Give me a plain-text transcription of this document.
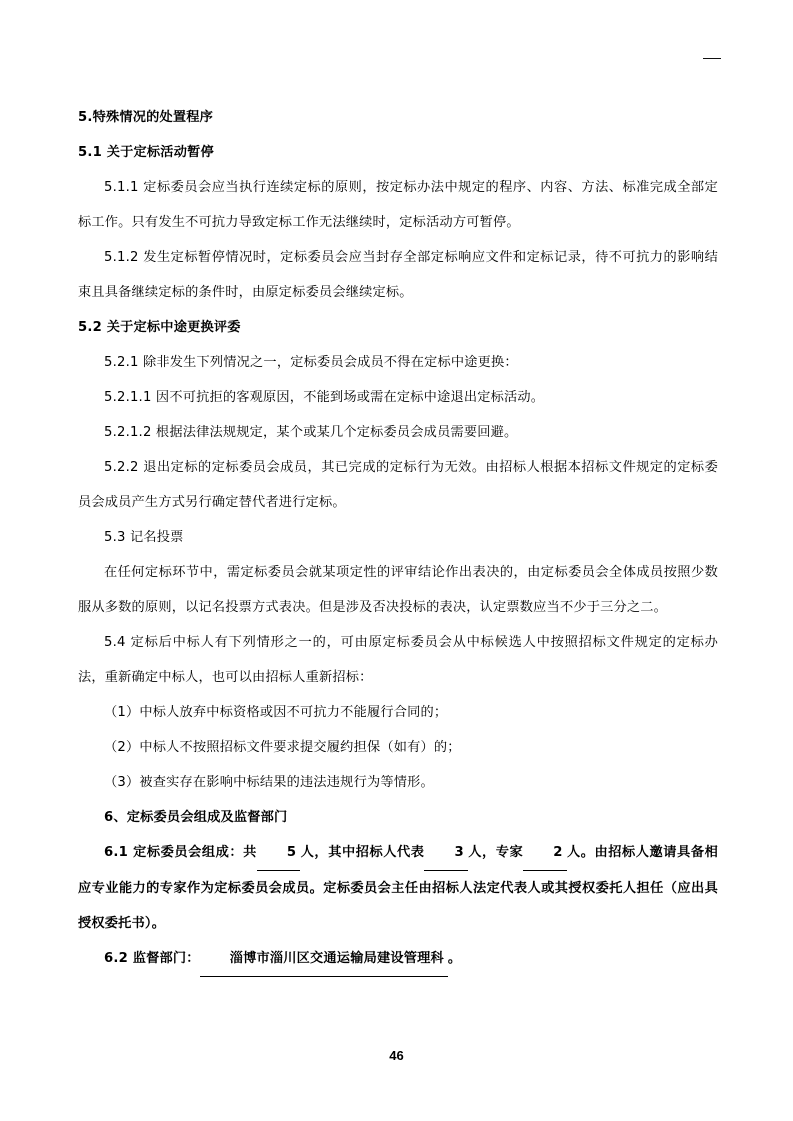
5.特殊情况的处置程序

5.1 关于定标活动暂停

5.1.1 定标委员会应当执行连续定标的原则，按定标办法中规定的程序、内容、方法、标准完成全部定标工作。只有发生不可抗力导致定标工作无法继续时，定标活动方可暂停。

5.1.2 发生定标暂停情况时，定标委员会应当封存全部定标响应文件和定标记录，待不可抗力的影响结束且具备继续定标的条件时，由原定标委员会继续定标。

5.2 关于定标中途更换评委

5.2.1 除非发生下列情况之一，定标委员会成员不得在定标中途更换：

5.2.1.1 因不可抗拒的客观原因，不能到场或需在定标中途退出定标活动。

5.2.1.2 根据法律法规规定，某个或某几个定标委员会成员需要回避。

5.2.2 退出定标的定标委员会成员，其已完成的定标行为无效。由招标人根据本招标文件规定的定标委员会成员产生方式另行确定替代者进行定标。

5.3 记名投票

在任何定标环节中，需定标委员会就某项定性的评审结论作出表决的，由定标委员会全体成员按照少数服从多数的原则，以记名投票方式表决。但是涉及否决投标的表决，认定票数应当不少于三分之二。

5.4 定标后中标人有下列情形之一的，可由原定标委员会从中标候选人中按照招标文件规定的定标办法，重新确定中标人，也可以由招标人重新招标：

（1）中标人放弃中标资格或因不可抗力不能履行合同的；

（2）中标人不按照招标文件要求提交履约担保（如有）的；

（3）被查实存在影响中标结果的违法违规行为等情形。

6、定标委员会组成及监督部门

6.1 定标委员会组成：共 5 人，其中招标人代表 3 人，专家 2 人。由招标人邀请具备相应专业能力的专家作为定标委员会成员。定标委员会主任由招标人法定代表人或其授权委托人担任（应出具授权委托书）。

6.2 监督部门： 淄博市淄川区交通运输局建设管理科 。

46
